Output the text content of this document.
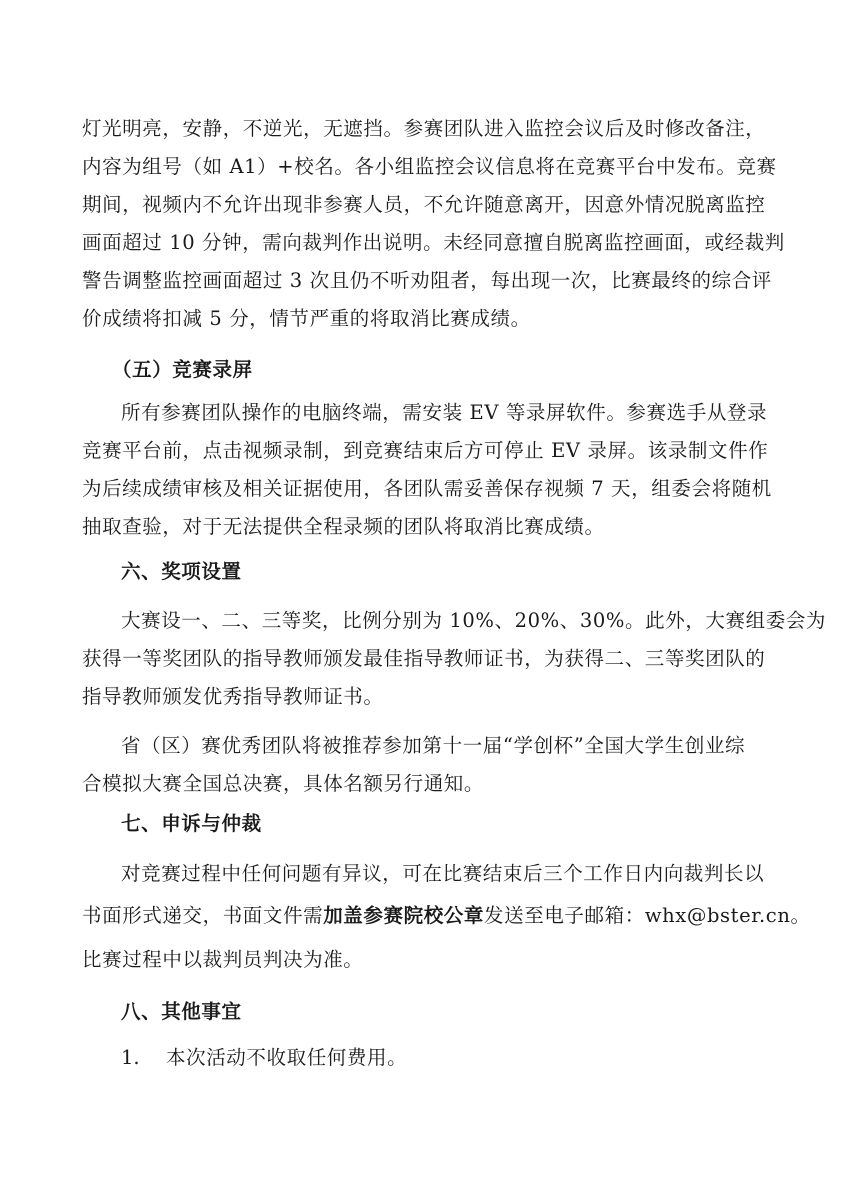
灯光明亮，安静，不逆光，无遮挡。参赛团队进入监控会议后及时修改备注，
内容为组号（如 A1）+校名。各小组监控会议信息将在竞赛平台中发布。竞赛
期间，视频内不允许出现非参赛人员，不允许随意离开，因意外情况脱离监控
画面超过 10 分钟，需向裁判作出说明。未经同意擅自脱离监控画面，或经裁判
警告调整监控画面超过 3 次且仍不听劝阻者，每出现一次，比赛最终的综合评
价成绩将扣减 5 分，情节严重的将取消比赛成绩。
（五）竞赛录屏
所有参赛团队操作的电脑终端，需安装 EV 等录屏软件。参赛选手从登录
竞赛平台前，点击视频录制，到竞赛结束后方可停止 EV 录屏。该录制文件作
为后续成绩审核及相关证据使用，各团队需妥善保存视频 7 天，组委会将随机
抽取查验，对于无法提供全程录频的团队将取消比赛成绩。
六、奖项设置
大赛设一、二、三等奖，比例分别为 10%、20%、30%。此外，大赛组委会为
获得一等奖团队的指导教师颁发最佳指导教师证书，为获得二、三等奖团队的
指导教师颁发优秀指导教师证书。
省（区）赛优秀团队将被推荐参加第十一届“学创杯”全国大学生创业综
合模拟大赛全国总决赛，具体名额另行通知。
七、申诉与仲裁
对竞赛过程中任何问题有异议，可在比赛结束后三个工作日内向裁判长以
书面形式递交，书面文件需加盖参赛院校公章发送至电子邮箱：whx@bster.cn。
比赛过程中以裁判员判决为准。
八、其他事宜
1. 本次活动不收取任何费用。
